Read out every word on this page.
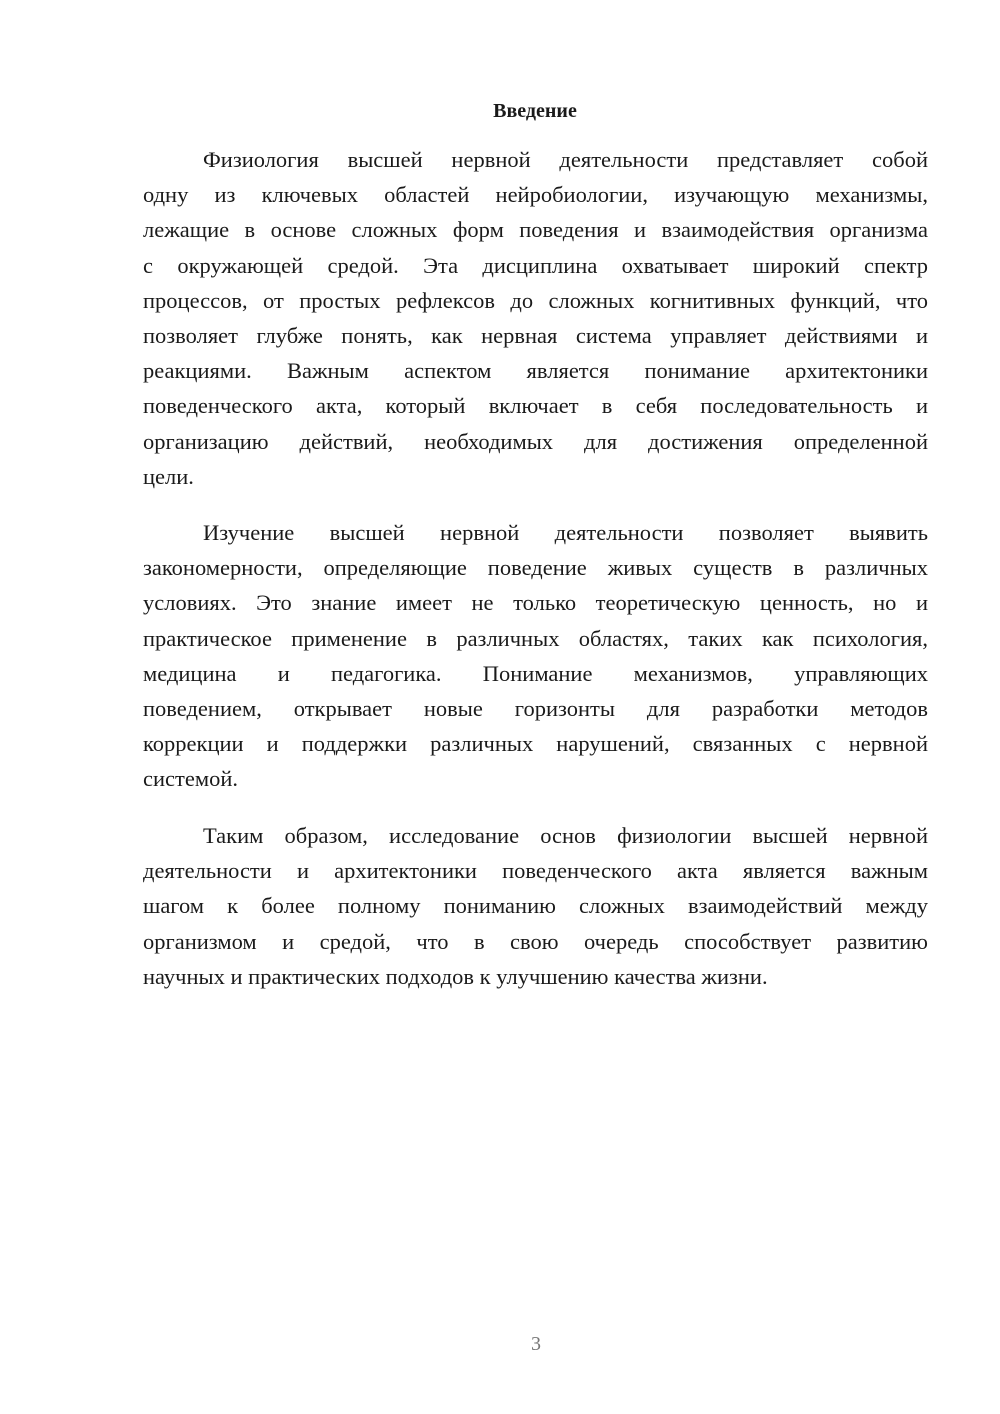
Введение
Физиология высшей нервной деятельности представляет собой
одну из ключевых областей нейробиологии, изучающую механизмы,
лежащие в основе сложных форм поведения и взаимодействия организма
с окружающей средой. Эта дисциплина охватывает широкий спектр
процессов, от простых рефлексов до сложных когнитивных функций, что
позволяет глубже понять, как нервная система управляет действиями и
реакциями. Важным аспектом является понимание архитектоники
поведенческого акта, который включает в себя последовательность и
организацию действий, необходимых для достижения определенной
цели.
Изучение высшей нервной деятельности позволяет выявить
закономерности, определяющие поведение живых существ в различных
условиях. Это знание имеет не только теоретическую ценность, но и
практическое применение в различных областях, таких как психология,
медицина и педагогика. Понимание механизмов, управляющих
поведением, открывает новые горизонты для разработки методов
коррекции и поддержки различных нарушений, связанных с нервной
системой.
Таким образом, исследование основ физиологии высшей нервной
деятельности и архитектоники поведенческого акта является важным
шагом к более полному пониманию сложных взаимодействий между
организмом и средой, что в свою очередь способствует развитию
научных и практических подходов к улучшению качества жизни.
3
